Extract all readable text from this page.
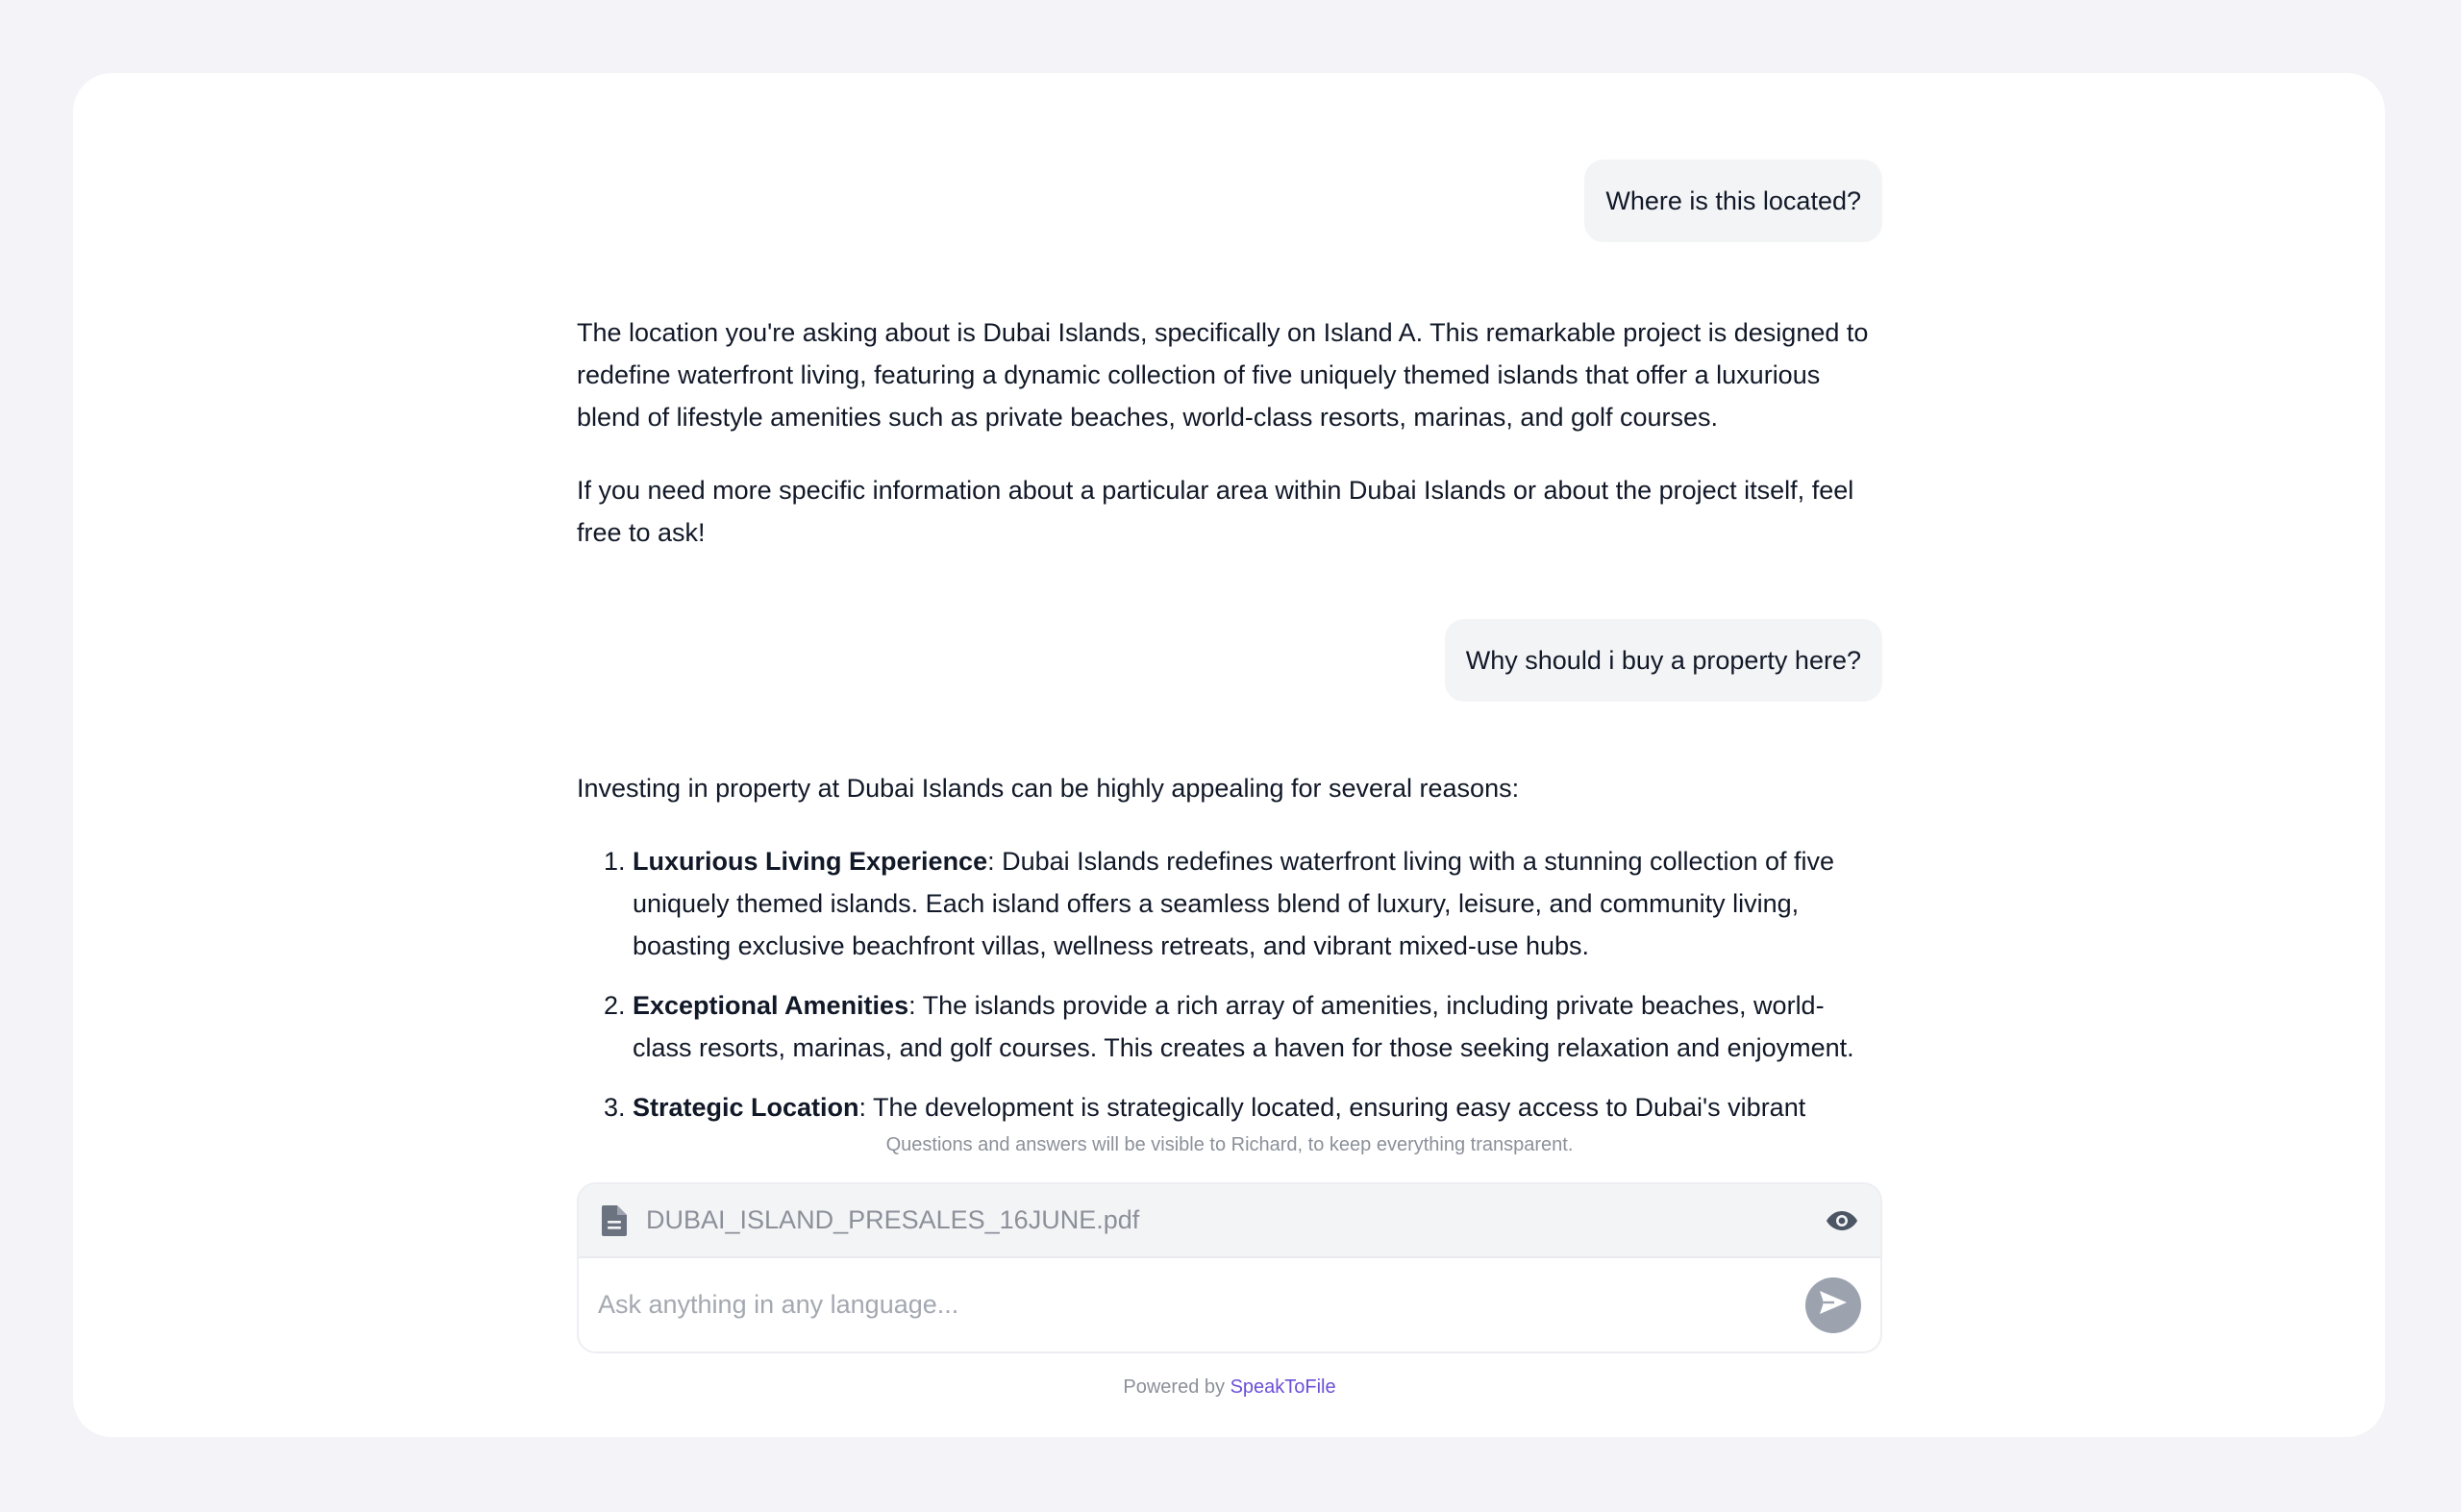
Where is this located?

The location you're asking about is Dubai Islands, specifically on Island A. This remarkable project is designed to redefine waterfront living, featuring a dynamic collection of five uniquely themed islands that offer a luxurious blend of lifestyle amenities such as private beaches, world-class resorts, marinas, and golf courses.

If you need more specific information about a particular area within Dubai Islands or about the project itself, feel free to ask!

Why should i buy a property here?

Investing in property at Dubai Islands can be highly appealing for several reasons:

1. Luxurious Living Experience: Dubai Islands redefines waterfront living with a stunning collection of five uniquely themed islands. Each island offers a seamless blend of luxury, leisure, and community living, boasting exclusive beachfront villas, wellness retreats, and vibrant mixed-use hubs.
2. Exceptional Amenities: The islands provide a rich array of amenities, including private beaches, world-class resorts, marinas, and golf courses. This creates a haven for those seeking relaxation and enjoyment.
3. Strategic Location: The development is strategically located, ensuring easy access to Dubai's vibrant
Questions and answers will be visible to Richard, to keep everything transparent.
DUBAI_ISLAND_PRESALES_16JUNE.pdf
Ask anything in any language...
Powered by SpeakToFile
